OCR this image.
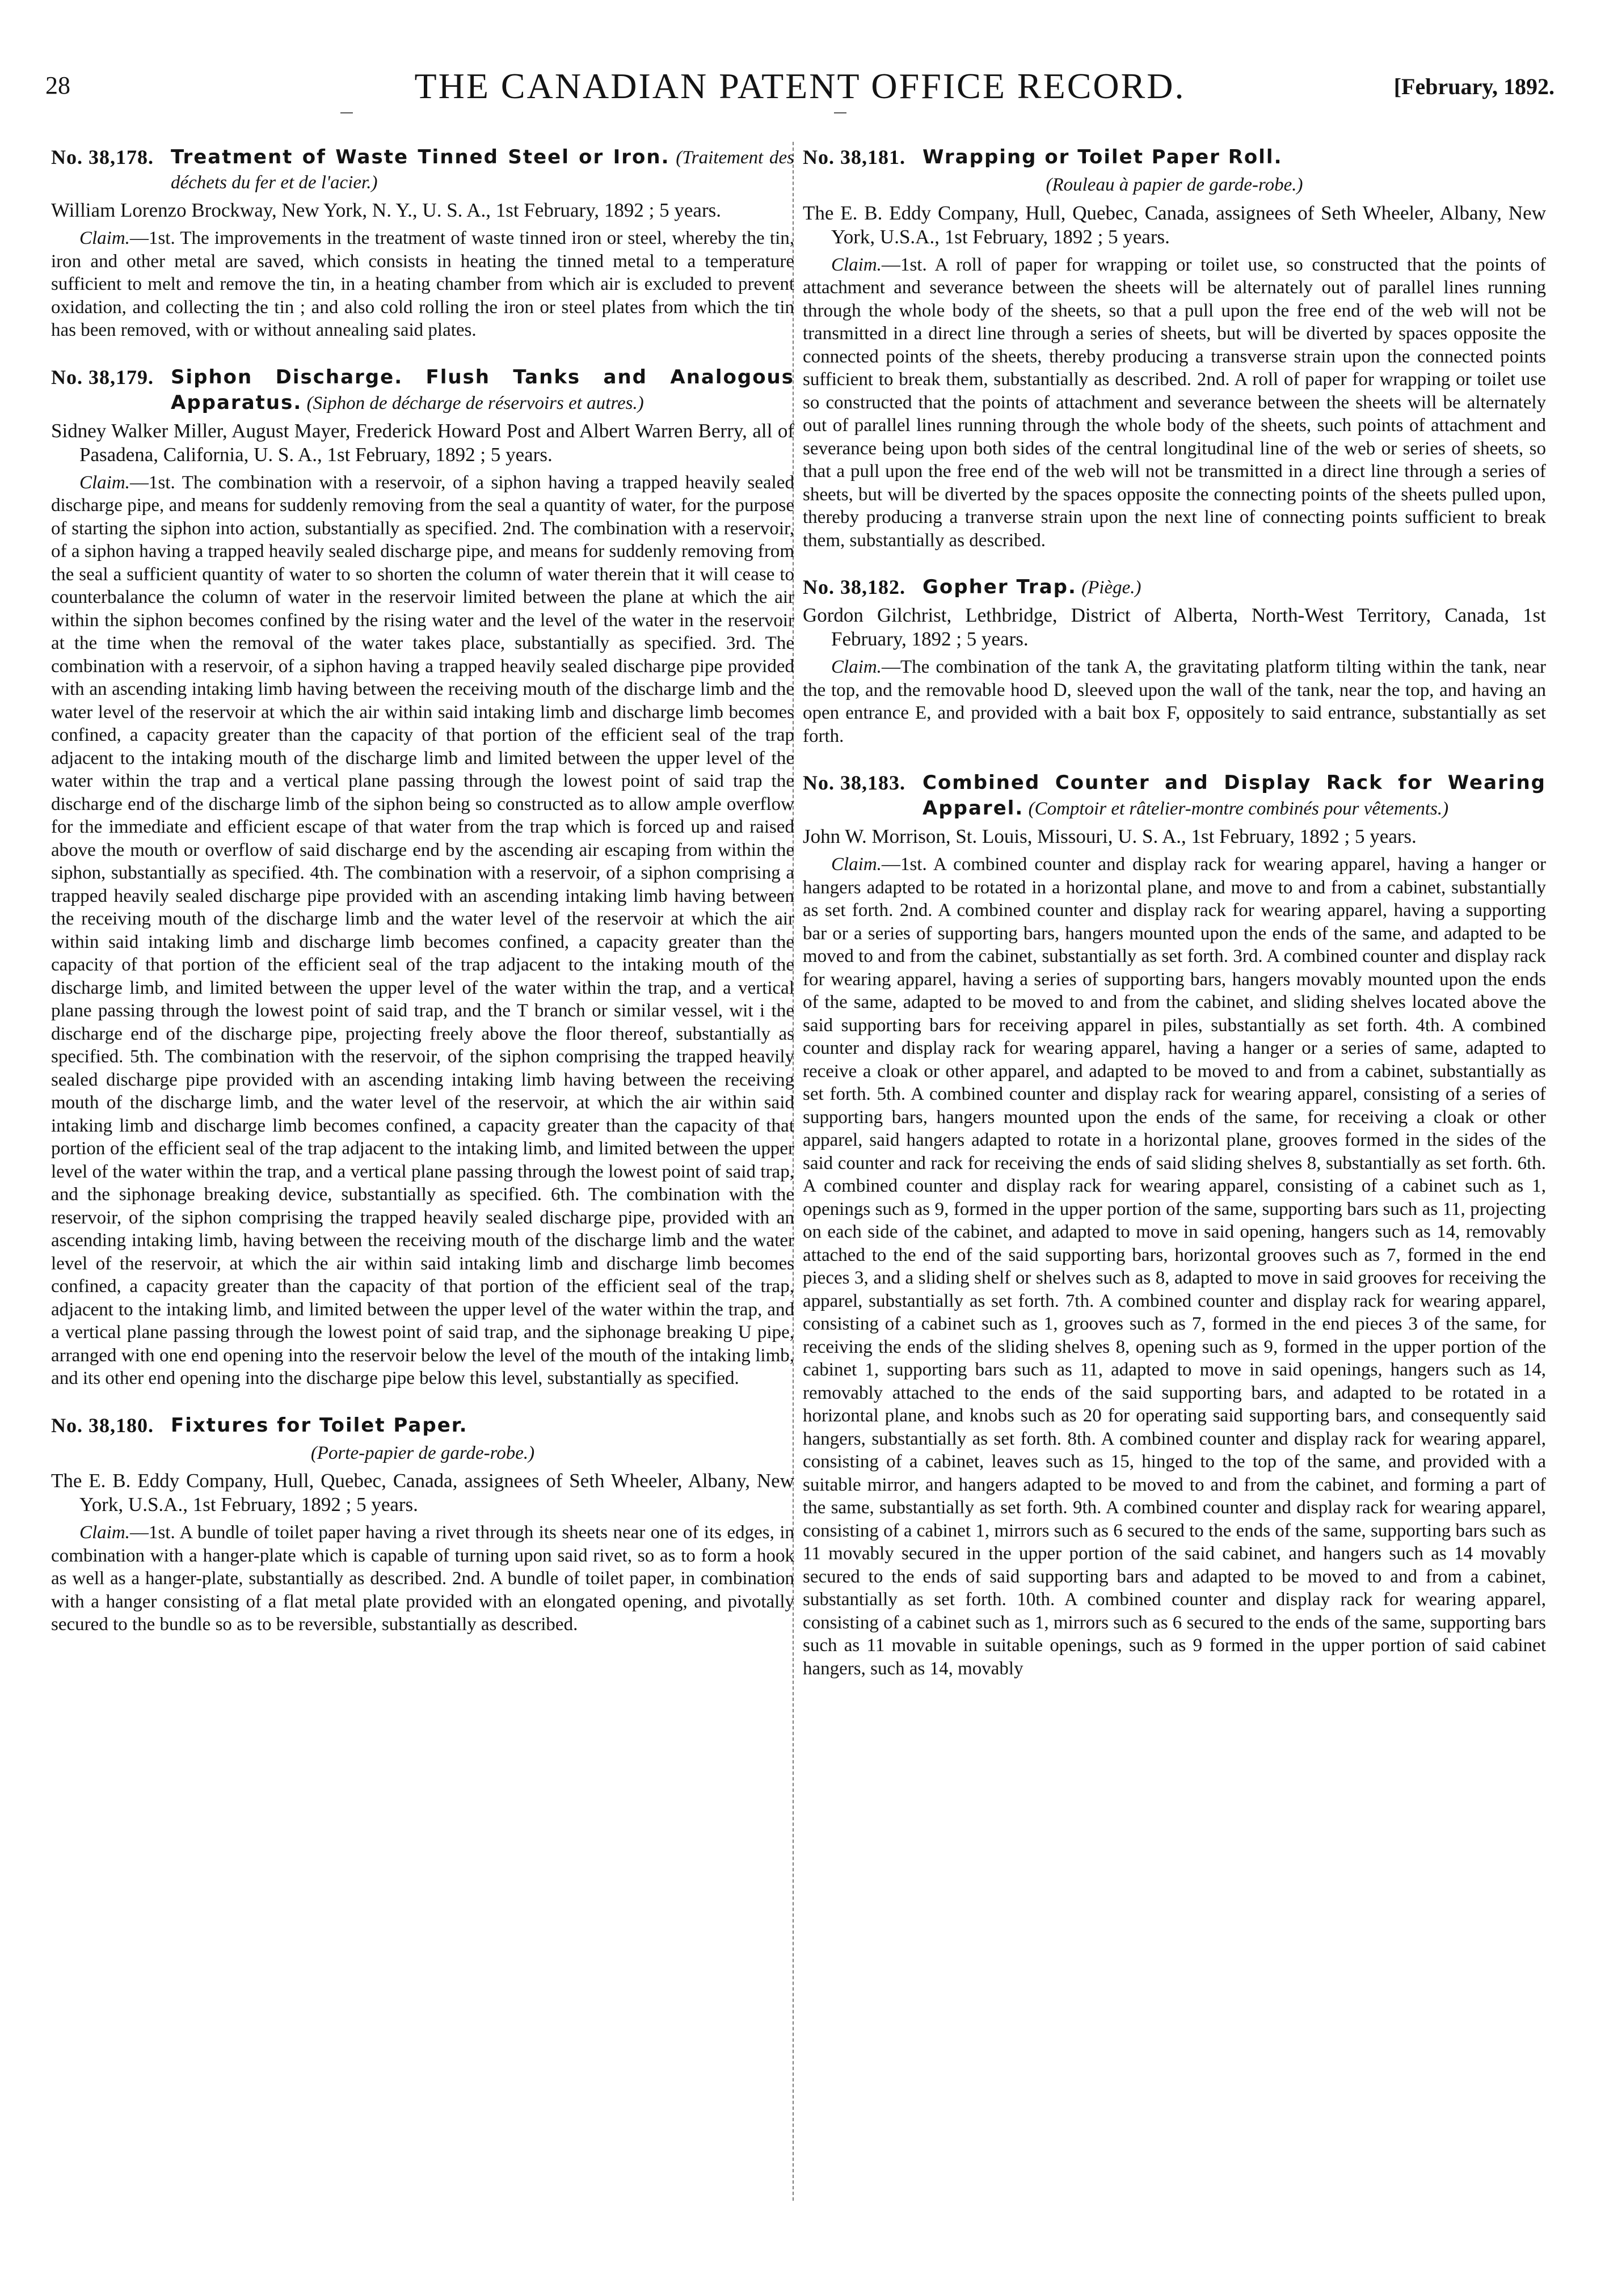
28	THE CANADIAN PATENT OFFICE RECORD.	[February, 1892.
No. 38,178. Treatment of Waste Tinned Steel or Iron. (Traitement des déchets du fer et de l'acier.)

William Lorenzo Brockway, New York, N. Y., U. S. A., 1st February, 1892 ; 5 years.

Claim.—1st. The improvements in the treatment of waste tinned iron or steel, whereby the tin, iron and other metal are saved, which consists in heating the tinned metal to a temperature sufficient to melt and remove the tin, in a heating chamber from which air is excluded to prevent oxidation, and collecting the tin ; and also cold rolling the iron or steel plates from which the tin has been removed, with or without annealing said plates.

No. 38,179. Siphon Discharge. Flush Tanks and Analogous Apparatus. (Siphon de décharge de réservoirs et autres.)

Sidney Walker Miller, August Mayer, Frederick Howard Post and Albert Warren Berry, all of Pasadena, California, U. S. A., 1st February, 1892 ; 5 years.

Claim.—1st. The combination with a reservoir, of a siphon having a trapped heavily sealed discharge pipe, and means for suddenly removing from the seal a quantity of water, for the purpose of starting the siphon into action, substantially as specified. 2nd. The combination with a reservoir, of a siphon having a trapped heavily sealed discharge pipe, and means for suddenly removing from the seal a sufficient quantity of water to so shorten the column of water therein that it will cease to counterbalance the column of water in the reservoir limited between the plane at which the air within the siphon becomes confined by the rising water and the level of the water in the reservoir at the time when the removal of the water takes place, substantially as specified. 3rd. The combination with a reservoir, of a siphon having a trapped heavily sealed discharge pipe provided with an ascending intaking limb having between the receiving mouth of the discharge limb and the water level of the reservoir at which the air within said intaking limb and discharge limb becomes confined, a capacity greater than the capacity of that portion of the efficient seal of the trap adjacent to the intaking mouth of the discharge limb and limited between the upper level of the water within the trap and a vertical plane passing through the lowest point of said trap the discharge end of the discharge limb of the siphon being so constructed as to allow ample overflow for the immediate and efficient escape of that water from the trap which is forced up and raised above the mouth or overflow of said discharge end by the ascending air escaping from within the siphon, substantially as specified. 4th. The combination with a reservoir, of a siphon comprising a trapped heavily sealed discharge pipe provided with an ascending intaking limb having between the receiving mouth of the discharge limb and the water level of the reservoir at which the air within said intaking limb and discharge limb becomes confined, a capacity greater than the capacity of that portion of the efficient seal of the trap adjacent to the intaking mouth of the discharge limb, and limited between the upper level of the water within the trap, and a vertical plane passing through the lowest point of said trap, and the T branch or similar vessel, wit i the discharge end of the discharge pipe, projecting freely above the floor thereof, substantially as specified. 5th. The combination with the reservoir, of the siphon comprising the trapped heavily sealed discharge pipe provided with an ascending intaking limb having between the receiving mouth of the discharge limb, and the water level of the reservoir, at which the air within said intaking limb and discharge limb becomes confined, a capacity greater than the capacity of that portion of the efficient seal of the trap adjacent to the intaking limb, and limited between the upper level of the water within the trap, and a vertical plane passing through the lowest point of said trap, and the siphonage breaking device, substantially as specified. 6th. The combination with the reservoir, of the siphon comprising the trapped heavily sealed discharge pipe, provided with an ascending intaking limb, having between the receiving mouth of the discharge limb and the water level of the reservoir, at which the air within said intaking limb and discharge limb becomes confined, a capacity greater than the capacity of that portion of the efficient seal of the trap, adjacent to the intaking limb, and limited between the upper level of the water within the trap, and a vertical plane passing through the lowest point of said trap, and the siphonage breaking U pipe, arranged with one end opening into the reservoir below the level of the mouth of the intaking limb, and its other end opening into the discharge pipe below this level, substantially as specified.

No. 38,180. Fixtures for Toilet Paper.
(Porte-papier de garde-robe.)

The E. B. Eddy Company, Hull, Quebec, Canada, assignees of Seth Wheeler, Albany, New York, U.S.A., 1st February, 1892 ; 5 years.

Claim.—1st. A bundle of toilet paper having a rivet through its sheets near one of its edges, in combination with a hanger-plate which is capable of turning upon said rivet, so as to form a hook as well as a hanger-plate, substantially as described. 2nd. A bundle of toilet paper, in combination with a hanger consisting of a flat metal plate provided with an elongated opening, and pivotally secured to the bundle so as to be reversible, substantially as described.

No. 38,181. Wrapping or Toilet Paper Roll.
(Rouleau à papier de garde-robe.)

The E. B. Eddy Company, Hull, Quebec, Canada, assignees of Seth Wheeler, Albany, New York, U.S.A., 1st February, 1892 ; 5 years.

Claim.—1st. A roll of paper for wrapping or toilet use, so constructed that the points of attachment and severance between the sheets will be alternately out of parallel lines running through the whole body of the sheets, so that a pull upon the free end of the web will not be transmitted in a direct line through a series of sheets, but will be diverted by spaces opposite the connected points of the sheets, thereby producing a transverse strain upon the connected points sufficient to break them, substantially as described. 2nd. A roll of paper for wrapping or toilet use so constructed that the points of attachment and severance between the sheets will be alternately out of parallel lines running through the whole body of the sheets, such points of attachment and severance being upon both sides of the central longitudinal line of the web or series of sheets, so that a pull upon the free end of the web will not be transmitted in a direct line through a series of sheets, but will be diverted by the spaces opposite the connecting points of the sheets pulled upon, thereby producing a tranverse strain upon the next line of connecting points sufficient to break them, substantially as described.

No. 38,182. Gopher Trap. (Piège.)

Gordon Gilchrist, Lethbridge, District of Alberta, North-West Territory, Canada, 1st February, 1892 ; 5 years.

Claim.—The combination of the tank A, the gravitating platform tilting within the tank, near the top, and the removable hood D, sleeved upon the wall of the tank, near the top, and having an open entrance E, and provided with a bait box F, oppositely to said entrance, substantially as set forth.

No. 38,183. Combined Counter and Display Rack for Wearing Apparel. (Comptoir et râtelier-montre combinés pour vêtements.)

John W. Morrison, St. Louis, Missouri, U. S. A., 1st February, 1892 ; 5 years.

Claim.—1st. A combined counter and display rack for wearing apparel, having a hanger or hangers adapted to be rotated in a horizontal plane, and move to and from a cabinet, substantially as set forth. 2nd. A combined counter and display rack for wearing apparel, having a supporting bar or a series of supporting bars, hangers mounted upon the ends of the same, and adapted to be moved to and from the cabinet, substantially as set forth. 3rd. A combined counter and display rack for wearing apparel, having a series of supporting bars, hangers movably mounted upon the ends of the same, adapted to be moved to and from the cabinet, and sliding shelves located above the said supporting bars for receiving apparel in piles, substantially as set forth. 4th. A combined counter and display rack for wearing apparel, having a hanger or a series of same, adapted to receive a cloak or other apparel, and adapted to be moved to and from a cabinet, substantially as set forth. 5th. A combined counter and display rack for wearing apparel, consisting of a series of supporting bars, hangers mounted upon the ends of the same, for receiving a cloak or other apparel, said hangers adapted to rotate in a horizontal plane, grooves formed in the sides of the said counter and rack for receiving the ends of said sliding shelves 8, substantially as set forth. 6th. A combined counter and display rack for wearing apparel, consisting of a cabinet such as 1, openings such as 9, formed in the upper portion of the same, supporting bars such as 11, projecting on each side of the cabinet, and adapted to move in said opening, hangers such as 14, removably attached to the end of the said supporting bars, horizontal grooves such as 7, formed in the end pieces 3, and a sliding shelf or shelves such as 8, adapted to move in said grooves for receiving the apparel, substantially as set forth. 7th. A combined counter and display rack for wearing apparel, consisting of a cabinet such as 1, grooves such as 7, formed in the end pieces 3 of the same, for receiving the ends of the sliding shelves 8, opening such as 9, formed in the upper portion of the cabinet 1, supporting bars such as 11, adapted to move in said openings, hangers such as 14, removably attached to the ends of the said supporting bars, and adapted to be rotated in a horizontal plane, and knobs such as 20 for operating said supporting bars, and consequently said hangers, substantially as set forth. 8th. A combined counter and display rack for wearing apparel, consisting of a cabinet, leaves such as 15, hinged to the top of the same, and provided with a suitable mirror, and hangers adapted to be moved to and from the cabinet, and forming a part of the same, substantially as set forth. 9th. A combined counter and display rack for wearing apparel, consisting of a cabinet 1, mirrors such as 6 secured to the ends of the same, supporting bars such as 11 movably secured in the upper portion of the said cabinet, and hangers such as 14 movably secured to the ends of said supporting bars and adapted to be moved to and from a cabinet, substantially as set forth. 10th. A combined counter and display rack for wearing apparel, consisting of a cabinet such as 1, mirrors such as 6 secured to the ends of the same, supporting bars such as 11 movable in suitable openings, such as 9 formed in the upper portion of said cabinet hangers, such as 14, movably
